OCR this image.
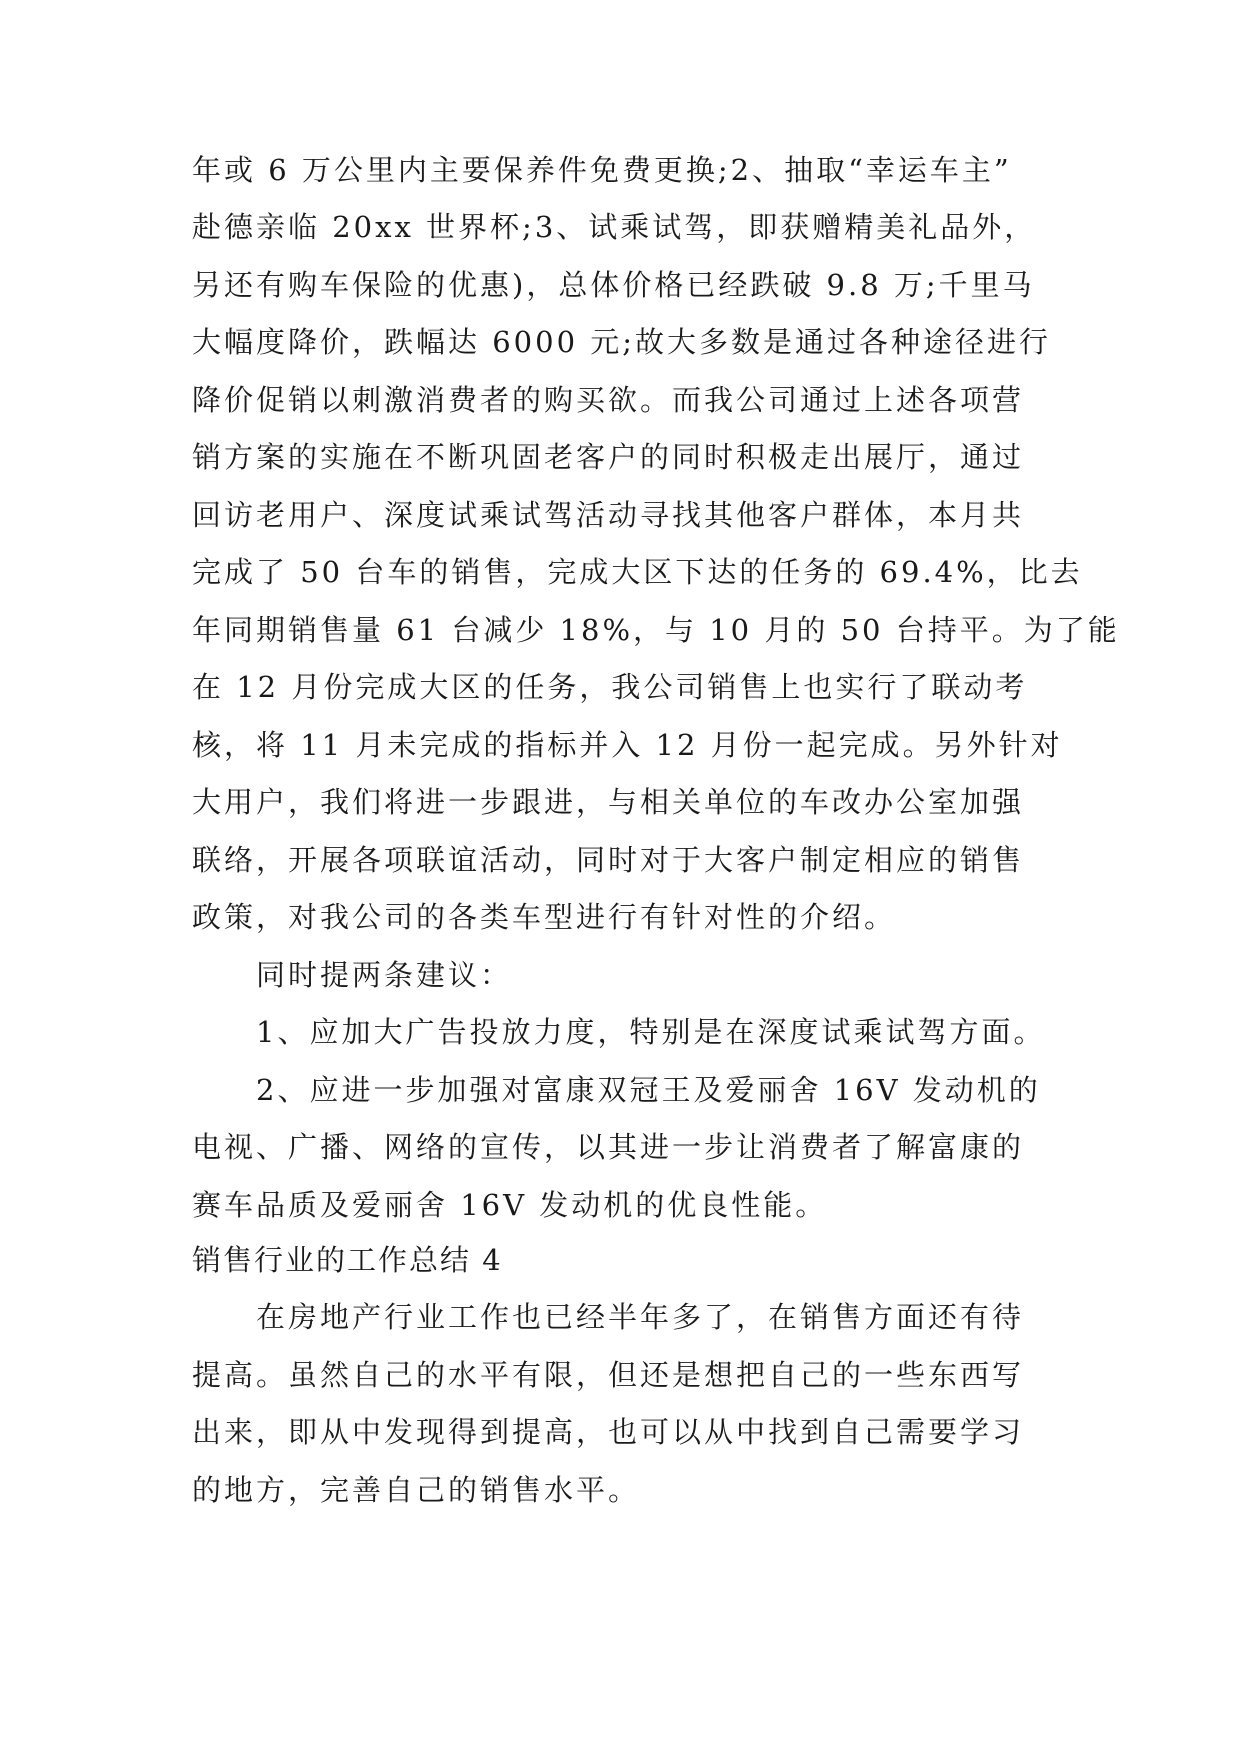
年或 6 万公里内主要保养件免费更换;2、抽取“幸运车主”
赴德亲临 20xx 世界杯;3、试乘试驾，即获赠精美礼品外，
另还有购车保险的优惠)，总体价格已经跌破 9.8 万;千里马
大幅度降价，跌幅达 6000 元;故大多数是通过各种途径进行
降价促销以刺激消费者的购买欲。而我公司通过上述各项营
销方案的实施在不断巩固老客户的同时积极走出展厅，通过
回访老用户、深度试乘试驾活动寻找其他客户群体，本月共
完成了 50 台车的销售，完成大区下达的任务的 69.4%，比去
年同期销售量 61 台减少 18%，与 10 月的 50 台持平。为了能
在 12 月份完成大区的任务，我公司销售上也实行了联动考
核，将 11 月未完成的指标并入 12 月份一起完成。另外针对
大用户，我们将进一步跟进，与相关单位的车改办公室加强
联络，开展各项联谊活动，同时对于大客户制定相应的销售
政策，对我公司的各类车型进行有针对性的介绍。
同时提两条建议：
1、应加大广告投放力度，特别是在深度试乘试驾方面。
2、应进一步加强对富康双冠王及爱丽舍 16V 发动机的
电视、广播、网络的宣传，以其进一步让消费者了解富康的
赛车品质及爱丽舍 16V 发动机的优良性能。
销售行业的工作总结 4
在房地产行业工作也已经半年多了，在销售方面还有待
提高。虽然自己的水平有限，但还是想把自己的一些东西写
出来，即从中发现得到提高，也可以从中找到自己需要学习
的地方，完善自己的销售水平。
